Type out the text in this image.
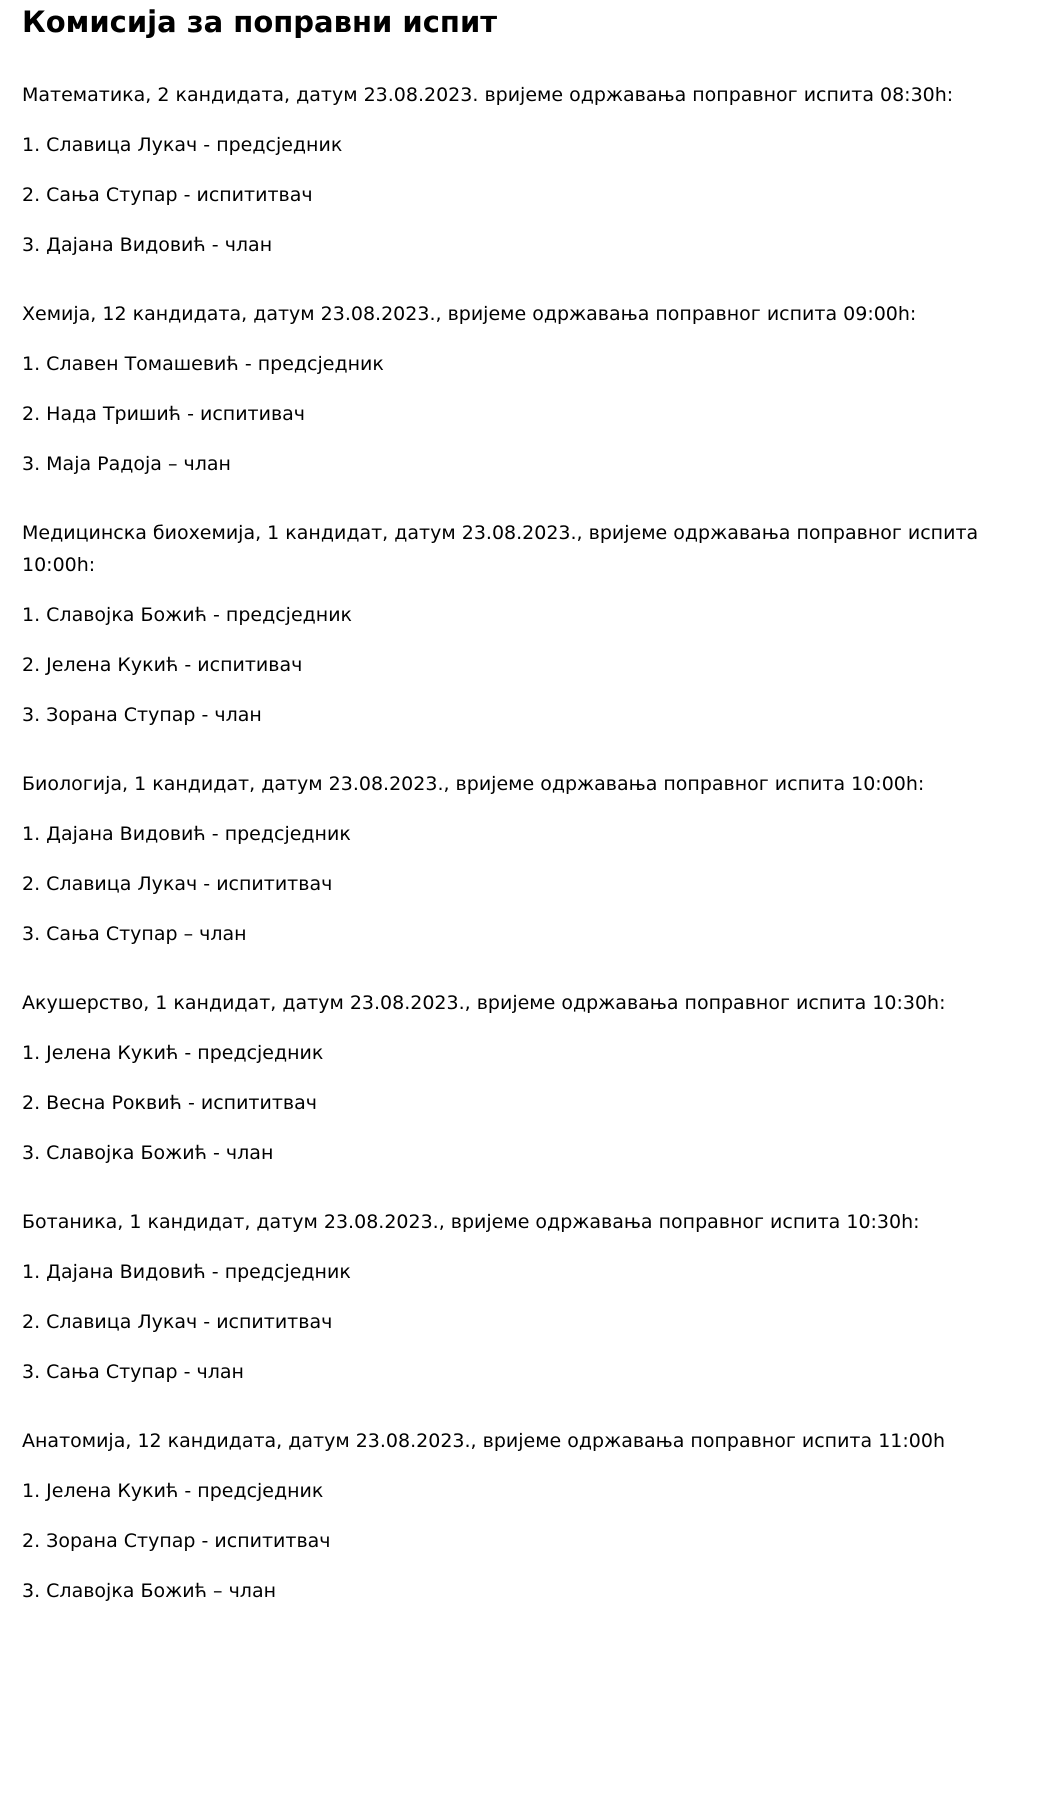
Комисија за поправни испит

Математика, 2 кандидата, датум 23.08.2023. вријеме одржавања поправног испита 08:30h:

1. Славица Лукач - предсједник

2. Сања Ступар - испититвач

3. Дајана Видовић - члан

Хемија, 12 кандидата, датум 23.08.2023., вријеме одржавања поправног испита 09:00h:

1. Славен Томашевић - предсједник

2. Нада Тришић - испитивач

3. Маја Радоја – члан

Медицинска биохемија, 1 кандидат, датум 23.08.2023., вријеме одржавања поправног испита 10:00h:

1. Славојка Божић - предсједник

2. Јелена Кукић - испитивач

3. Зорана Ступар - члан

Биологија, 1 кандидат, датум 23.08.2023., вријеме одржавања поправног испита 10:00h:

1. Дајана Видовић - предсједник

2. Славица Лукач - испититвач

3. Сања Ступар – члан

Акушерство, 1 кандидат, датум 23.08.2023., вријеме одржавања поправног испита 10:30h:

1. Јелена Кукић - предсједник

2. Весна Роквић - испититвач

3. Славојка Божић - члан

Ботаника, 1 кандидат, датум 23.08.2023., вријеме одржавања поправног испита 10:30h:

1. Дајана Видовић - предсједник

2. Славица Лукач - испититвач

3. Сања Ступар - члан

Анатомија, 12 кандидата, датум 23.08.2023., вријеме одржавања поправног испита 11:00h

1. Јелена Кукић - предсједник

2. Зорана Ступар - испититвач

3. Славојка Божић – члан
